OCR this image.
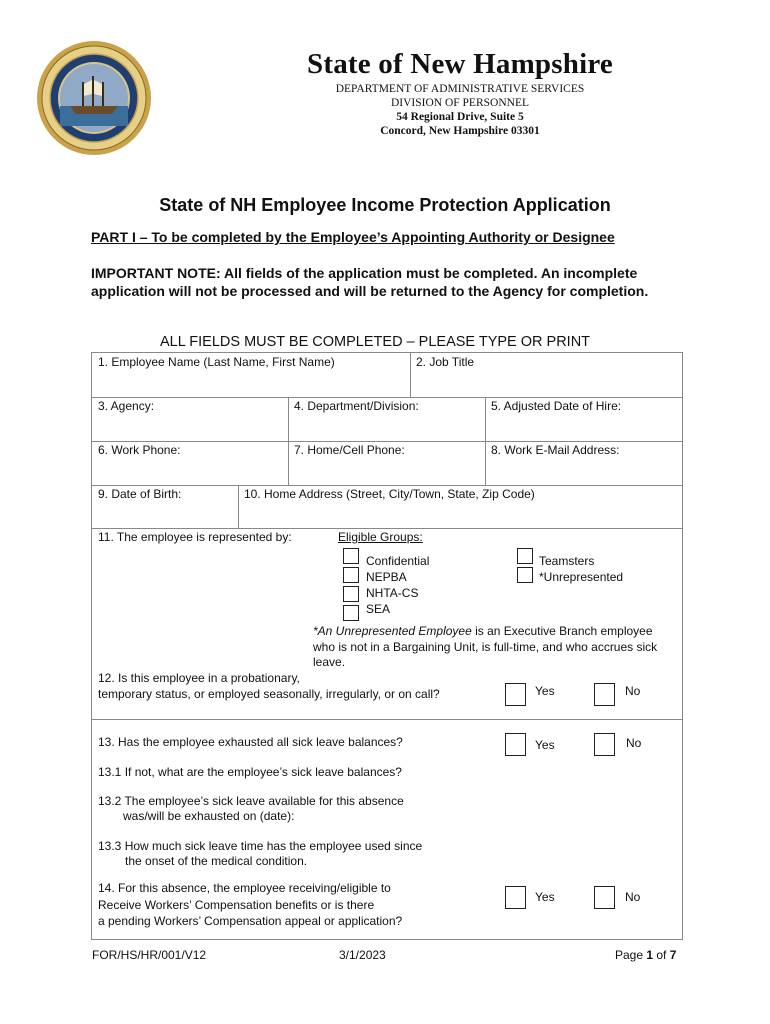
State of New Hampshire
DEPARTMENT OF ADMINISTRATIVE SERVICES
DIVISION OF PERSONNEL
54 Regional Drive, Suite 5
Concord, New Hampshire 03301
State of NH Employee Income Protection Application
PART I – To be completed by the Employee’s Appointing Authority or Designee
IMPORTANT NOTE: All fields of the application must be completed. An incomplete application will not be processed and will be returned to the Agency for completion.
ALL FIELDS MUST BE COMPLETED – PLEASE TYPE OR PRINT
1. Employee Name (Last Name, First Name)	2. Job Title
3. Agency:	4. Department/Division:	5. Adjusted Date of Hire:
6. Work Phone:	7. Home/Cell Phone:	8. Work E-Mail Address:
9. Date of Birth:	10. Home Address (Street, City/Town, State, Zip Code)
11. The employee is represented by:	Eligible Groups:
Confidential
NEPBA
NHTA-CS
SEA
Teamsters
*Unrepresented
*An Unrepresented Employee is an Executive Branch employee
who is not in a Bargaining Unit, is full-time, and who accrues sick
leave.
12. Is this employee in a probationary,
temporary status, or employed seasonally, irregularly, or on call?	Yes	No
13. Has the employee exhausted all sick leave balances?	Yes	No
13.1 If not, what are the employee’s sick leave balances?
13.2 The employee’s sick leave available for this absence
was/will be exhausted on (date):
13.3 How much sick leave time has the employee used since
the onset of the medical condition.
14. For this absence, the employee receiving/eligible to
Receive Workers’ Compensation benefits or is there
a pending Workers’ Compensation appeal or application?
Yes	No
FOR/HS/HR/001/V12	3/1/2023	Page 1 of 7
